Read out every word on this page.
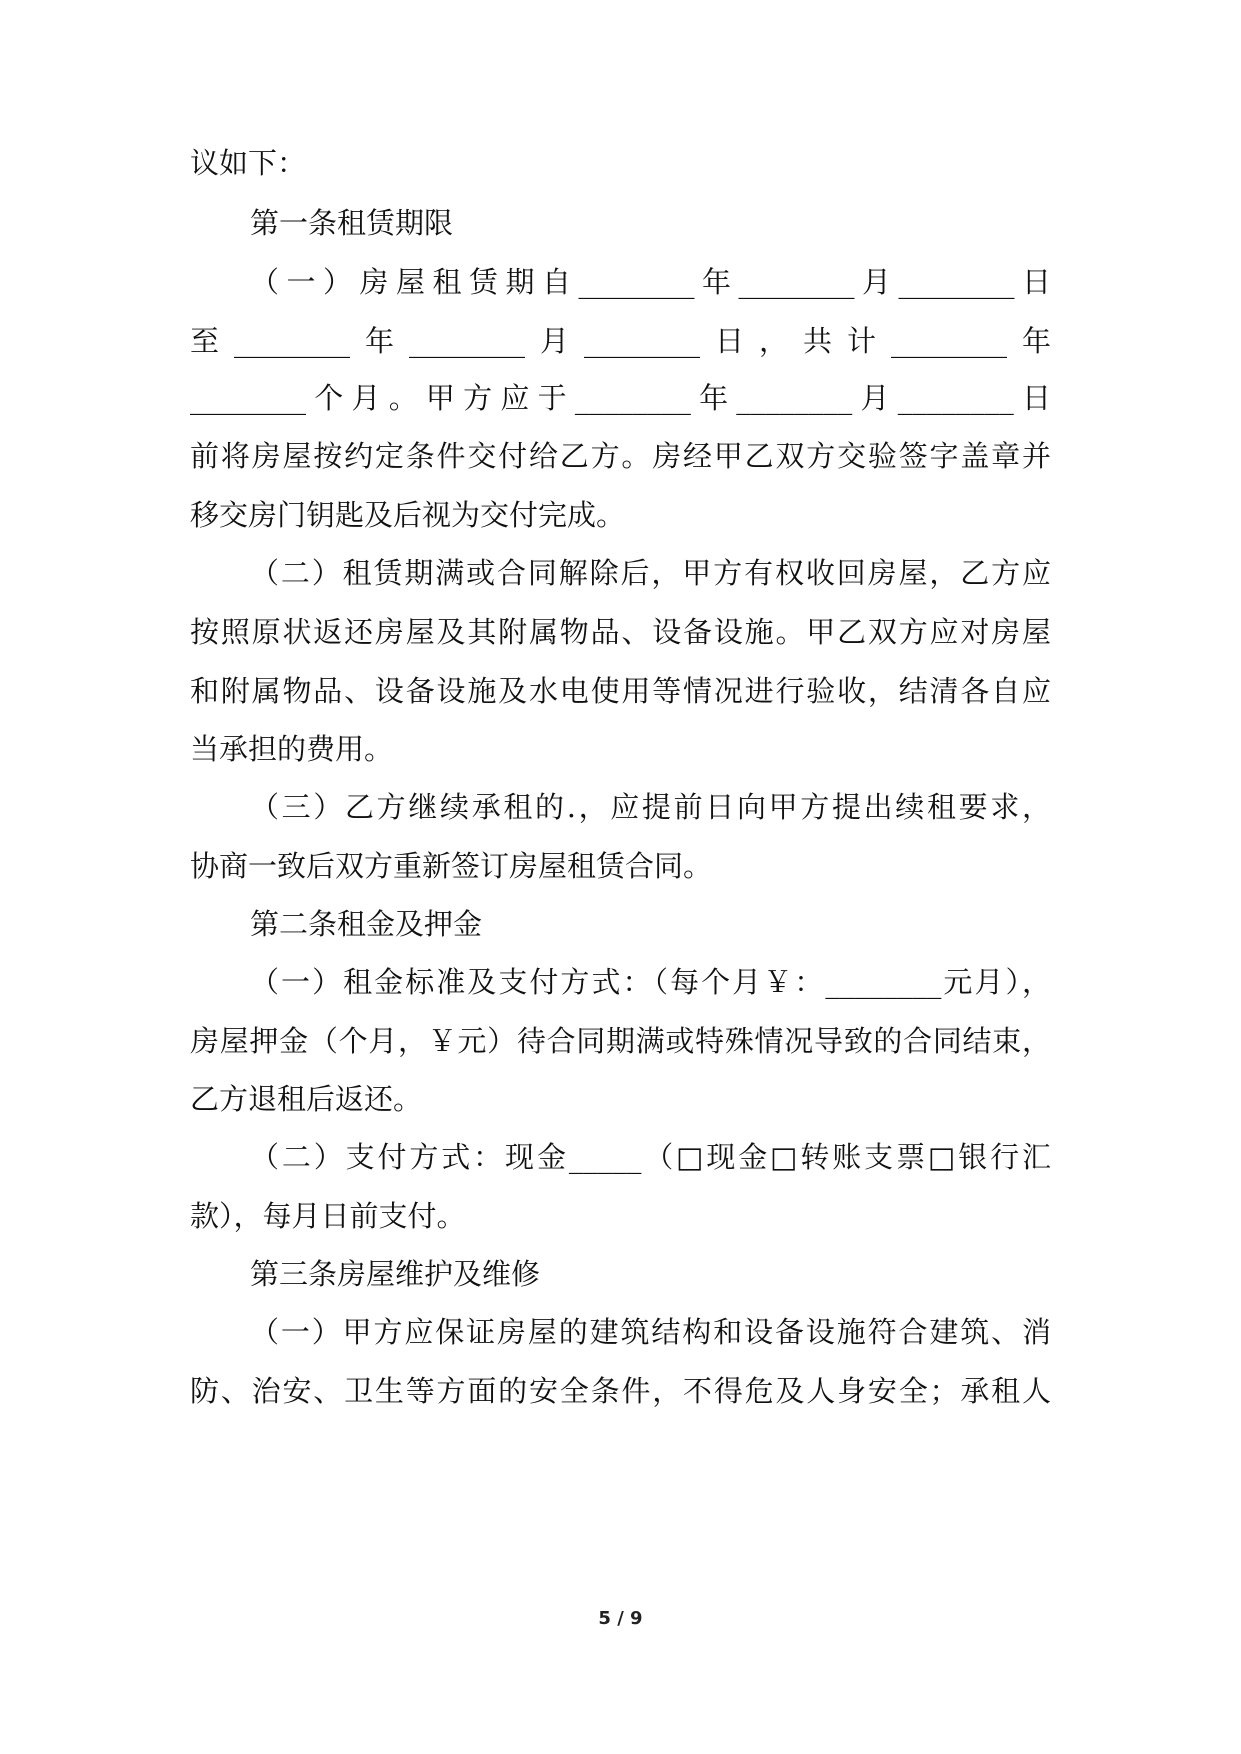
议如下：
第一条租赁期限
（一）房屋租赁期自________年________月________日
至________年________月________日，共计________年
________个月。甲方应于________年________月________日
前将房屋按约定条件交付给乙方。房经甲乙双方交验签字盖章并
移交房门钥匙及后视为交付完成。
（二）租赁期满或合同解除后，甲方有权收回房屋，乙方应
按照原状返还房屋及其附属物品、设备设施。甲乙双方应对房屋
和附属物品、设备设施及水电使用等情况进行验收，结清各自应
当承担的费用。
（三）乙方继续承租的.，应提前日向甲方提出续租要求，
协商一致后双方重新签订房屋租赁合同。
第二条租金及押金
（一）租金标准及支付方式：（每个月￥：________元月），
房屋押金（个月，￥元）待合同期满或特殊情况导致的合同结束，
乙方退租后返还。
（二）支付方式：现金_____（□现金□转账支票□银行汇
款），每月日前支付。
第三条房屋维护及维修
（一）甲方应保证房屋的建筑结构和设备设施符合建筑、消
防、治安、卫生等方面的安全条件，不得危及人身安全；承租人
5 / 9
